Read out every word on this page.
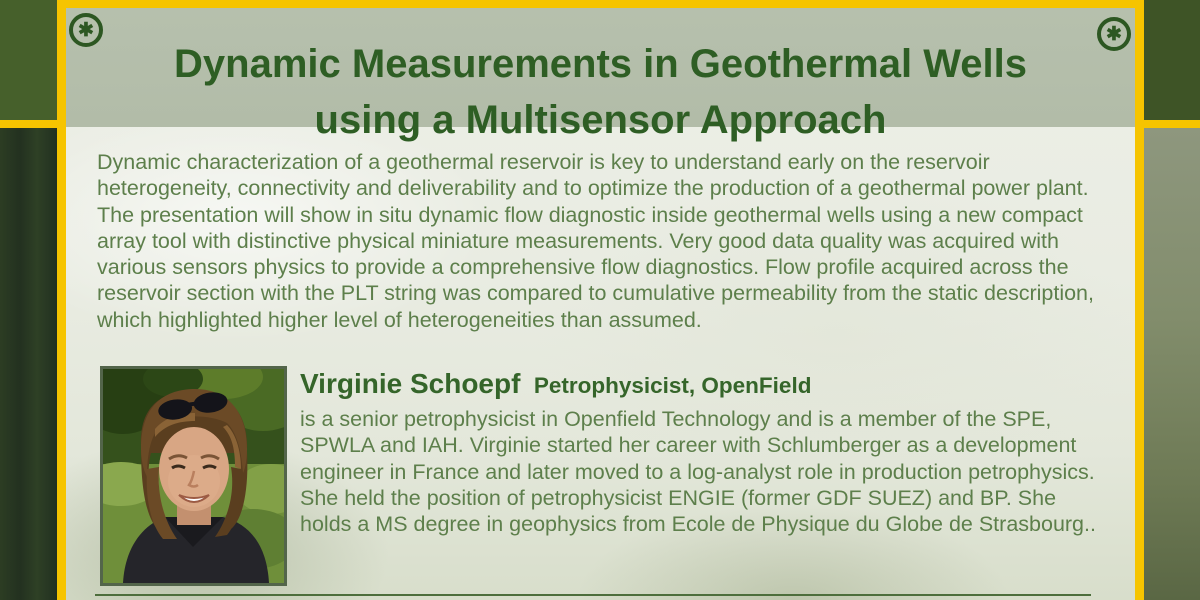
✱	✱
Dynamic Measurements in Geothermal Wells
using a Multisensor Approach
Dynamic characterization of a geothermal reservoir is key to understand early on the reservoir heterogeneity, connectivity and deliverability and to optimize the production of a geothermal power plant. The presentation will show in situ dynamic flow diagnostic inside geothermal wells using a new compact array tool with distinctive physical miniature measurements. Very good data quality was acquired with various sensors physics to provide a comprehensive flow diagnostics. Flow profile acquired across the reservoir section with the PLT string was compared to cumulative permeability from the static description, which highlighted higher level of heterogeneities than assumed.
Virginie Schoepf Petrophysicist, OpenField
is a senior petrophysicist in Openfield Technology and is a member of the SPE, SPWLA and IAH. Virginie started her career with Schlumberger as a development engineer in France and later moved to a log-analyst role in production petrophysics. She held the position of petrophysicist ENGIE (former GDF SUEZ) and BP. She holds a MS degree in geophysics from Ecole de Physique du Globe de Strasbourg..
